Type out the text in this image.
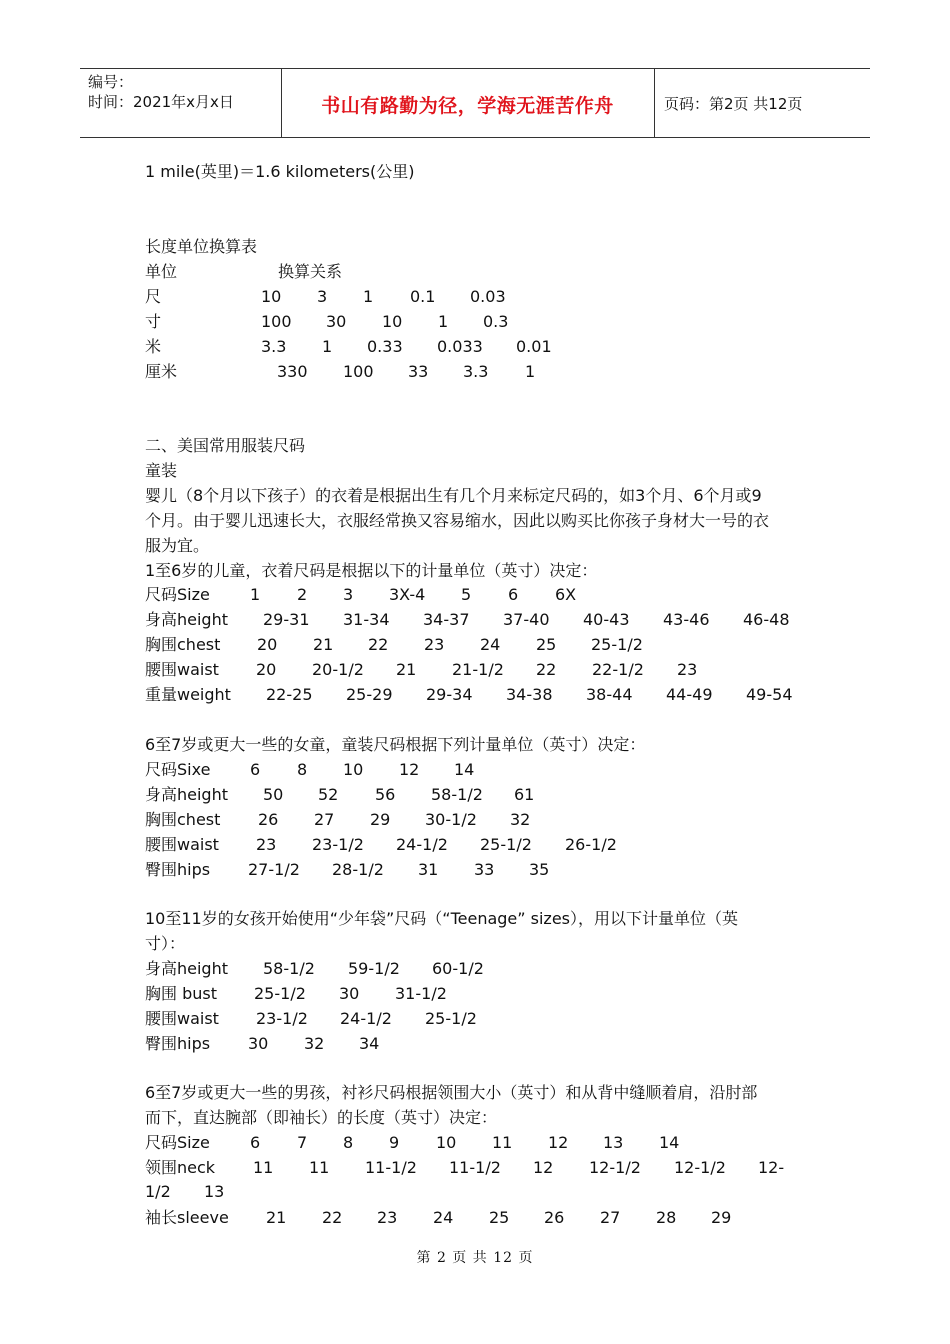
编号：
时间：2021年x月x日	书山有路勤为径，学海无涯苦作舟	页码：第2页 共12页
1 mile(英里)＝1.6 kilometers(公里)
长度单位换算表
单位	换算关系
尺	10 3 1 0.1 0.03
寸	100 30 10 1 0.3
米	3.3 1 0.33 0.033 0.01
厘米	330 100 33 3.3 1
二、美国常用服装尺码
童装
婴儿（8个月以下孩子）的衣着是根据出生有几个月来标定尺码的，如3个月、6个月或9
个月。由于婴儿迅速长大，衣服经常换又容易缩水，因此以购买比你孩子身材大一号的衣
服为宜。
1至6岁的儿童，衣着尺码是根据以下的计量单位（英寸）决定：
尺码Size	1 2 3 3X-4 5 6 6X
身高height 29-31 31-34 34-37 37-40 40-43 43-46 46-48
胸围chest 20 21 22 23 24 25 25-1/2
腰围waist 20 20-1/2 21 21-1/2 22 22-1/2 23
重量weight 22-25 25-29 29-34 34-38 38-44 44-49 49-54
6至7岁或更大一些的女童，童装尺码根据下列计量单位（英寸）决定：
尺码Sixe 6 8 10 12 14
身高height 50 52 56 58-1/2 61
胸围chest 26 27 29 30-1/2 32
腰围waist 23 23-1/2 24-1/2 25-1/2 26-1/2
臀围hips 27-1/2 28-1/2 31 33 35
10至11岁的女孩开始使用“少年袋”尺码（“Teenage” sizes），用以下计量单位（英
寸）：
身高height 58-1/2 59-1/2 60-1/2
胸围 bust 25-1/2 30 31-1/2
腰围waist 23-1/2 24-1/2 25-1/2
臀围hips 30 32 34
6至7岁或更大一些的男孩，衬衫尺码根据领围大小（英寸）和从背中缝顺着肩，沿肘部
而下，直达腕部（即袖长）的长度（英寸）决定：
尺码Size	6 7 8 9 10 11 12 13 14
领围neck 11 11 11-1/2 11-1/2 12 12-1/2 12-1/2 12-
1/2 13
袖长sleeve 21 22 23 24 25 26 27 28 29
第 2 页 共 12 页
